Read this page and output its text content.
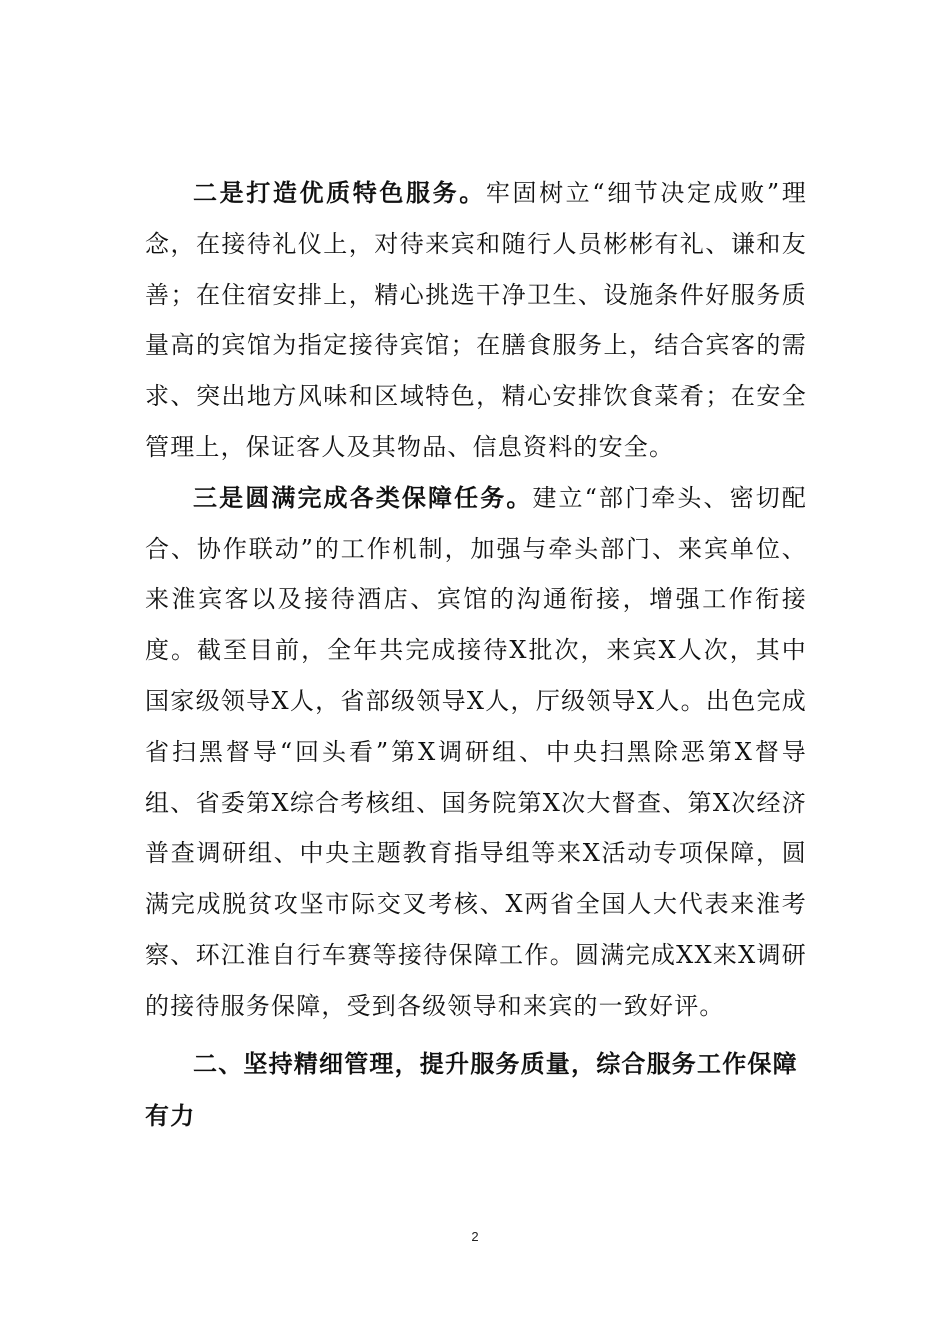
二是打造优质特色服务。牢固树立“细节决定成败”理念，在接待礼仪上，对待来宾和随行人员彬彬有礼、谦和友善；在住宿安排上，精心挑选干净卫生、设施条件好服务质量高的宾馆为指定接待宾馆；在膳食服务上，结合宾客的需求、突出地方风味和区域特色，精心安排饮食菜肴；在安全管理上，保证客人及其物品、信息资料的安全。

三是圆满完成各类保障任务。建立“部门牵头、密切配合、协作联动”的工作机制，加强与牵头部门、来宾单位、来淮宾客以及接待酒店、宾馆的沟通衔接，增强工作衔接度。截至目前，全年共完成接待X批次，来宾X人次，其中国家级领导X人，省部级领导X人，厅级领导X人。出色完成省扫黑督导“回头看”第X调研组、中央扫黑除恶第X督导组、省委第X综合考核组、国务院第X次大督查、第X次经济普查调研组、中央主题教育指导组等来X活动专项保障，圆满完成脱贫攻坚市际交叉考核、X两省全国人大代表来淮考察、环江淮自行车赛等接待保障工作。圆满完成XX来X调研的接待服务保障，受到各级领导和来宾的一致好评。

二、坚持精细管理，提升服务质量，综合服务工作保障有力

2
